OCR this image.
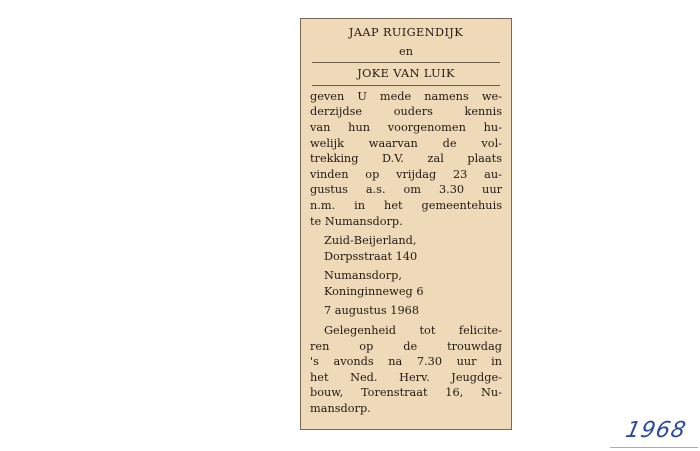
JAAP RUIGENDIJK
en
JOKE VAN LUIK
geven U mede namens we-
derzijdse ouders kennis
van hun voorgenomen hu-
welijk waarvan de vol-
trekking D.V. zal plaats
vinden op vrijdag 23 au-
gustus a.s. om 3.30 uur
n.m. in het gemeentehuis
te Numansdorp.
Zuid-Beijerland,
Dorpsstraat 140
Numansdorp,
Koninginneweg 6
7 augustus 1968
Gelegenheid tot felicite-
ren op de trouwdag
's avonds na 7.30 uur in
het Ned. Herv. Jeugdge-
bouw, Torenstraat 16, Nu-
mansdorp.
1968
